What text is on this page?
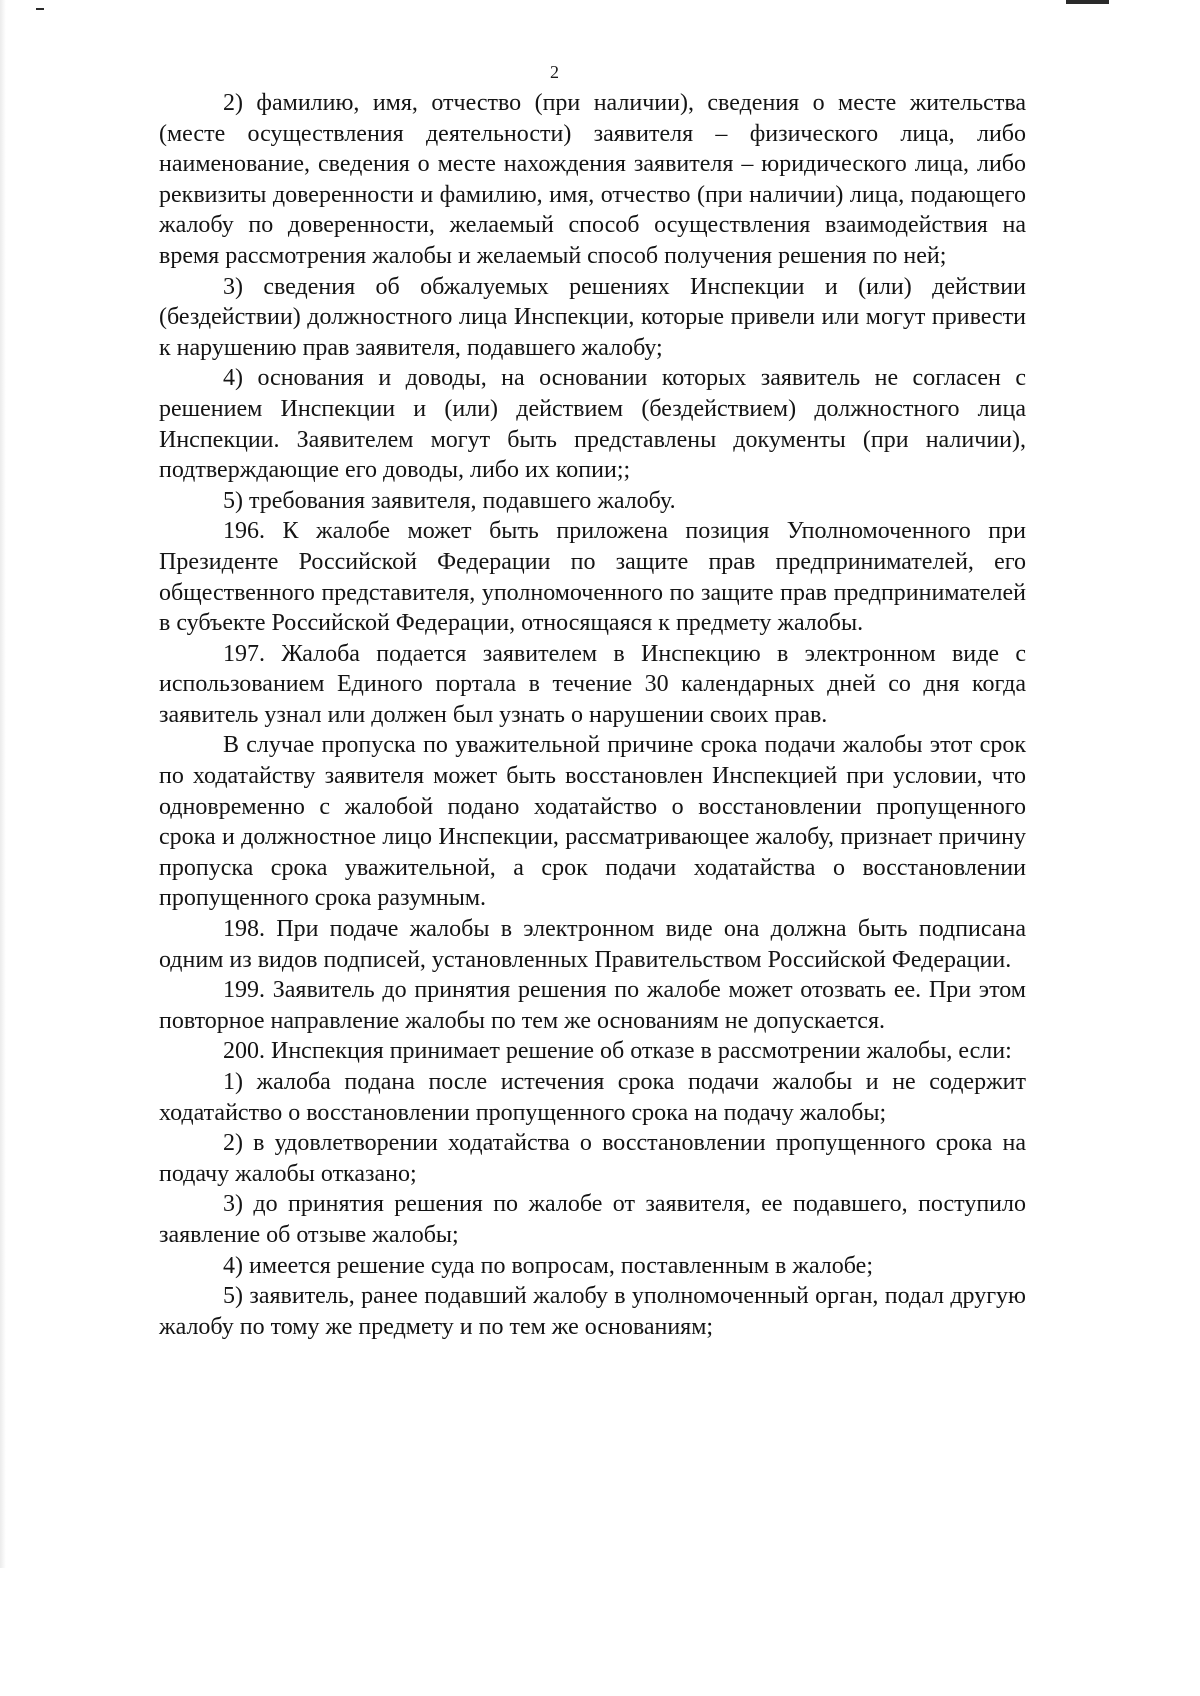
2

2) фамилию, имя, отчество (при наличии), сведения о месте жительства (месте осуществления деятельности) заявителя – физического лица, либо наименование, сведения о месте нахождения заявителя – юридического лица, либо реквизиты доверенности и фамилию, имя, отчество (при наличии) лица, подающего жалобу по доверенности, желаемый способ осуществления взаимодействия на время рассмотрения жалобы и желаемый способ получения решения по ней;

3) сведения об обжалуемых решениях Инспекции и (или) действии (бездействии) должностного лица Инспекции, которые привели или могут привести к нарушению прав заявителя, подавшего жалобу;

4) основания и доводы, на основании которых заявитель не согласен с решением Инспекции и (или) действием (бездействием) должностного лица Инспекции. Заявителем могут быть представлены документы (при наличии), подтверждающие его доводы, либо их копии;;

5) требования заявителя, подавшего жалобу.

196. К жалобе может быть приложена позиция Уполномоченного при Президенте Российской Федерации по защите прав предпринимателей, его общественного представителя, уполномоченного по защите прав предпринимателей в субъекте Российской Федерации, относящаяся к предмету жалобы.

197. Жалоба подается заявителем в Инспекцию в электронном виде с использованием Единого портала в течение 30 календарных дней со дня когда заявитель узнал или должен был узнать о нарушении своих прав.

В случае пропуска по уважительной причине срока подачи жалобы этот срок по ходатайству заявителя может быть восстановлен Инспекцией при условии, что одновременно с жалобой подано ходатайство о восстановлении пропущенного срока и должностное лицо Инспекции, рассматривающее жалобу, признает причину пропуска срока уважительной, а срок подачи ходатайства о восстановлении пропущенного срока разумным.

198. При подаче жалобы в электронном виде она должна быть подписана одним из видов подписей, установленных Правительством Российской Федерации.

199. Заявитель до принятия решения по жалобе может отозвать ее. При этом повторное направление жалобы по тем же основаниям не допускается.

200. Инспекция принимает решение об отказе в рассмотрении жалобы, если:

1) жалоба подана после истечения срока подачи жалобы и не содержит ходатайство о восстановлении пропущенного срока на подачу жалобы;

2) в удовлетворении ходатайства о восстановлении пропущенного срока на подачу жалобы отказано;

3) до принятия решения по жалобе от заявителя, ее подавшего, поступило заявление об отзыве жалобы;

4) имеется решение суда по вопросам, поставленным в жалобе;

5) заявитель, ранее подавший жалобу в уполномоченный орган, подал другую жалобу по тому же предмету и по тем же основаниям;
